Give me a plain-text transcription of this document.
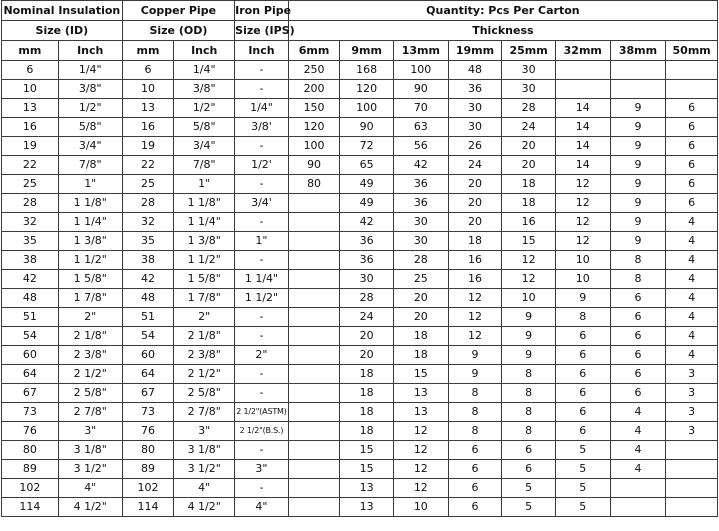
Nominal Insulation		Copper Pipe		Iron Pipe	Quantity: Pcs Per Carton							
Size (ID)		Size (OD)		Size (IPS)	Thickness							
mm	Inch	mm	Inch	Inch	6mm	9mm	13mm	19mm	25mm	32mm	38mm	50mm
6	1/4"	6	1/4"	-	250	168	100	48	30			
10	3/8"	10	3/8"	-	200	120	90	36	30			
13	1/2"	13	1/2"	1/4"	150	100	70	30	28	14	9	6
16	5/8"	16	5/8"	3/8'	120	90	63	30	24	14	9	6
19	3/4"	19	3/4"	-	100	72	56	26	20	14	9	6
22	7/8"	22	7/8"	1/2'	90	65	42	24	20	14	9	6
25	1"	25	1"	-	80	49	36	20	18	12	9	6
28	1 1/8"	28	1 1/8"	3/4'		49	36	20	18	12	9	6
32	1 1/4"	32	1 1/4"	-		42	30	20	16	12	9	4
35	1 3/8"	35	1 3/8"	1"		36	30	18	15	12	9	4
38	1 1/2"	38	1 1/2"	-		36	28	16	12	10	8	4
42	1 5/8"	42	1 5/8"	1 1/4"		30	25	16	12	10	8	4
48	1 7/8"	48	1 7/8"	1 1/2"		28	20	12	10	9	6	4
51	2"	51	2"	-		24	20	12	9	8	6	4
54	2 1/8"	54	2 1/8"	-		20	18	12	9	6	6	4
60	2 3/8"	60	2 3/8"	2"		20	18	9	9	6	6	4
64	2 1/2"	64	2 1/2"	-		18	15	9	8	6	6	3
67	2 5/8"	67	2 5/8"	-		18	13	8	8	6	6	3
73	2 7/8"	73	2 7/8"	2 1/2"(ASTM)		18	13	8	8	6	4	3
76	3"	76	3"	2 1/2"(B.S.)		18	12	8	8	6	4	3
80	3 1/8"	80	3 1/8"	-		15	12	6	6	5	4	
89	3 1/2"	89	3 1/2"	3"		15	12	6	6	5	4	
102	4"	102	4"	-		13	12	6	5	5		
114	4 1/2"	114	4 1/2"	4"		13	10	6	5	5		
